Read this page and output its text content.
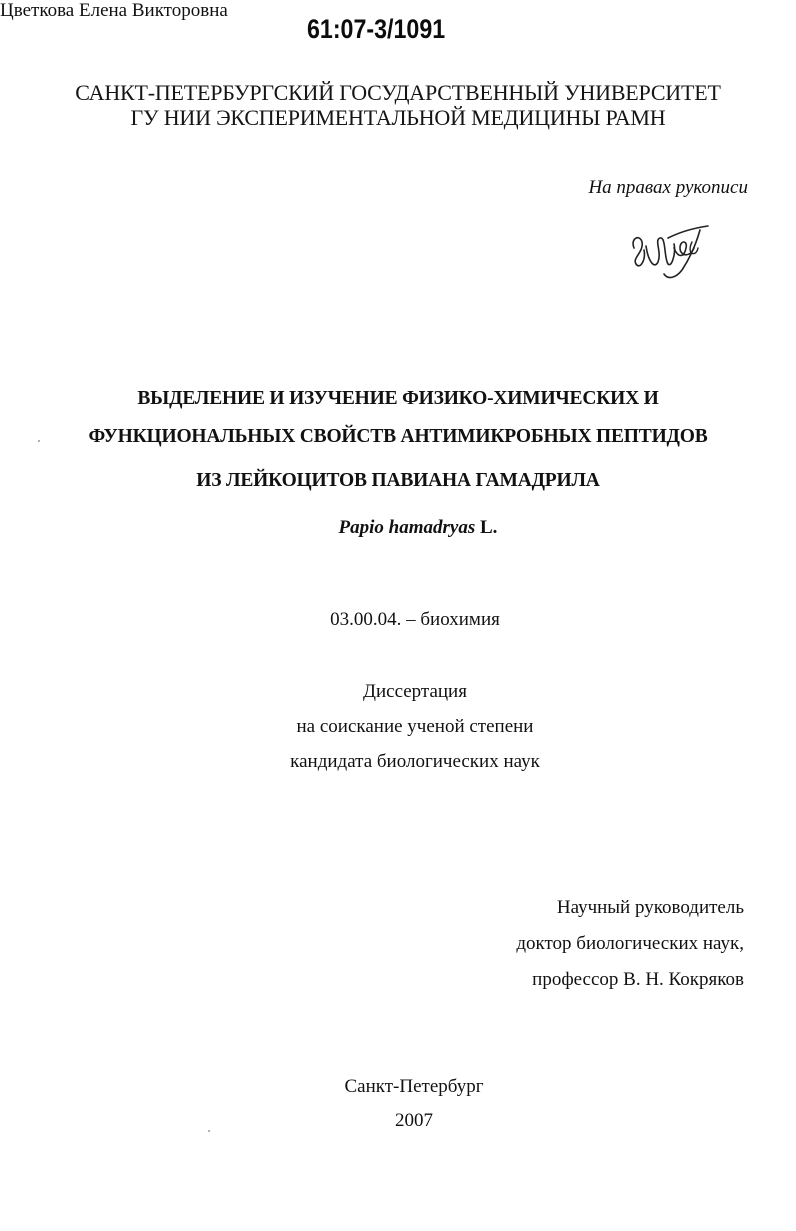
61:07-3/1091
САНКТ-ПЕТЕРБУРГСКИЙ ГОСУДАРСТВЕННЫЙ УНИВЕРСИТЕТ
ГУ НИИ ЭКСПЕРИМЕНТАЛЬНОЙ МЕДИЦИНЫ РАМН
На правах рукописи
Цветкова Елена Викторовна
ВЫДЕЛЕНИЕ И ИЗУЧЕНИЕ ФИЗИКО-ХИМИЧЕСКИХ И
ФУНКЦИОНАЛЬНЫХ СВОЙСТВ АНТИМИКРОБНЫХ ПЕПТИДОВ
ИЗ ЛЕЙКОЦИТОВ ПАВИАНА ГАМАДРИЛА
Papio hamadryas L.
03.00.04. – биохимия
Диссертация
на соискание ученой степени
кандидата биологических наук
Научный руководитель
доктор биологических наук,
профессор В. Н. Кокряков
Санкт-Петербург
2007
